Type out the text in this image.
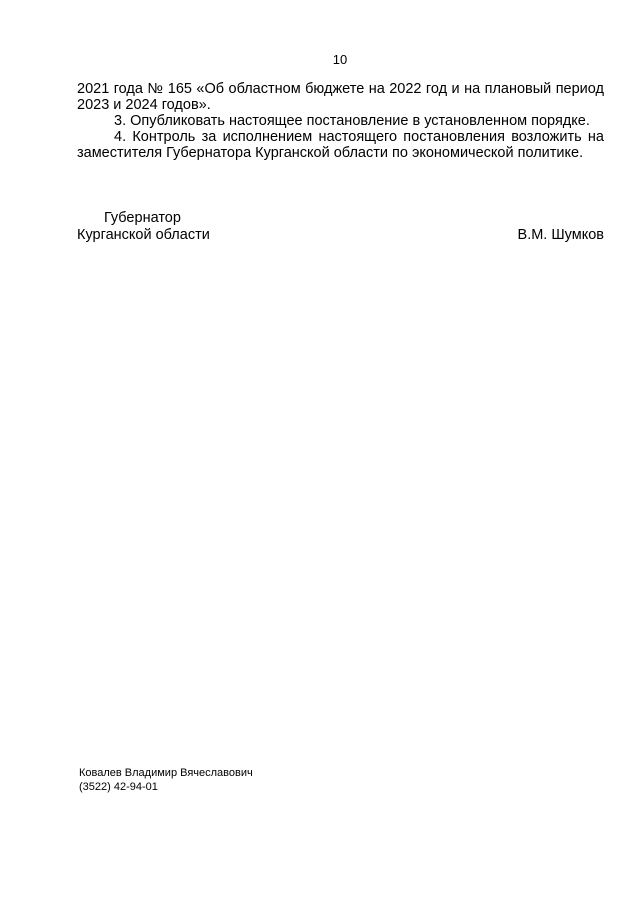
10

2021 года № 165 «Об областном бюджете на 2022 год и на плановый период 2023 и 2024 годов».

3. Опубликовать настоящее постановление в установленном порядке.

4. Контроль за исполнением настоящего постановления возложить на заместителя Губернатора Курганской области по экономической политике.

Губернатор
Курганской области	В.М. Шумков
Ковалев Владимир Вячеславович
(3522) 42-94-01
